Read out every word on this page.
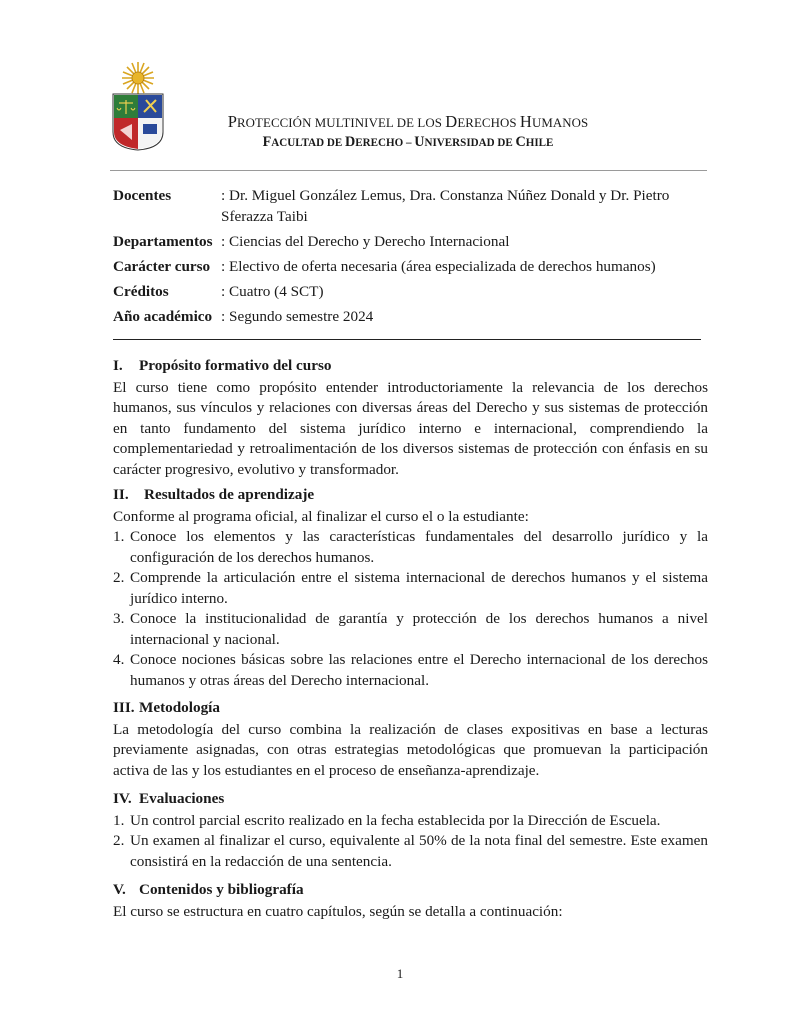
PROTECCIÓN MULTINIVEL DE LOS DERECHOS HUMANOS
FACULTAD DE DERECHO – UNIVERSIDAD DE CHILE
Docentes	: Dr. Miguel González Lemus, Dra. Constanza Núñez Donald y Dr. Pietro Sferazza Taibi
Departamentos : Ciencias del Derecho y Derecho Internacional
Carácter curso : Electivo de oferta necesaria (área especializada de derechos humanos)
Créditos	: Cuatro (4 SCT)
Año académico : Segundo semestre 2024
I. Propósito formativo del curso
El curso tiene como propósito entender introductoriamente la relevancia de los derechos humanos, sus vínculos y relaciones con diversas áreas del Derecho y sus sistemas de protección en tanto fundamento del sistema jurídico interno e internacional, comprendiendo la complementariedad y retroalimentación de los diversos sistemas de protección con énfasis en su carácter progresivo, evolutivo y transformador.
II. Resultados de aprendizaje
Conforme al programa oficial, al finalizar el curso el o la estudiante:
1. Conoce los elementos y las características fundamentales del desarrollo jurídico y la configuración de los derechos humanos.
2. Comprende la articulación entre el sistema internacional de derechos humanos y el sistema jurídico interno.
3. Conoce la institucionalidad de garantía y protección de los derechos humanos a nivel internacional y nacional.
4. Conoce nociones básicas sobre las relaciones entre el Derecho internacional de los derechos humanos y otras áreas del Derecho internacional.
III. Metodología
La metodología del curso combina la realización de clases expositivas en base a lecturas previamente asignadas, con otras estrategias metodológicas que promuevan la participación activa de las y los estudiantes en el proceso de enseñanza-aprendizaje.
IV. Evaluaciones
1. Un control parcial escrito realizado en la fecha establecida por la Dirección de Escuela.
2. Un examen al finalizar el curso, equivalente al 50% de la nota final del semestre. Este examen consistirá en la redacción de una sentencia.
V. Contenidos y bibliografía
El curso se estructura en cuatro capítulos, según se detalla a continuación:
1
